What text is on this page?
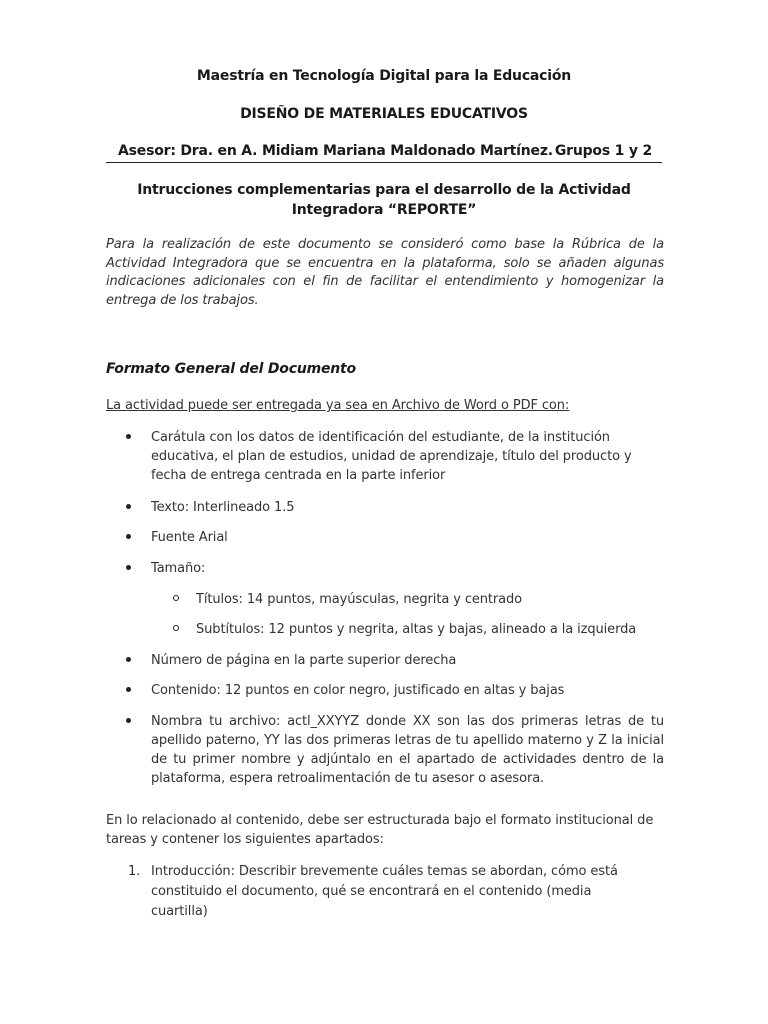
Maestría en Tecnología Digital para la Educación
DISEÑO DE MATERIALES EDUCATIVOS
Asesor: Dra. en A. Midiam Mariana Maldonado Martínez. Grupos 1 y 2
Intrucciones complementarias para el desarrollo de la Actividad Integradora “REPORTE”
Para la realización de este documento se consideró como base la Rúbrica de la Actividad Integradora que se encuentra en la plataforma, solo se añaden algunas indicaciones adicionales con el fin de facilitar el entendimiento y homogenizar la entrega de los trabajos.
Formato General del Documento
La actividad puede ser entregada ya sea en Archivo de Word o PDF con:
Carátula con los datos de identificación del estudiante, de la institución educativa, el plan de estudios, unidad de aprendizaje, título del producto y fecha de entrega centrada en la parte inferior
Texto: Interlineado 1.5
Fuente Arial
Tamaño:
Títulos: 14 puntos, mayúsculas, negrita y centrado
Subtítulos: 12 puntos y negrita, altas y bajas, alineado a la izquierda
Número de página en la parte superior derecha
Contenido: 12 puntos en color negro, justificado en altas y bajas
Nombra tu archivo: actl_XXYYZ donde XX son las dos primeras letras de tu apellido paterno, YY las dos primeras letras de tu apellido materno y Z la inicial de tu primer nombre y adjúntalo en el apartado de actividades dentro de la plataforma, espera retroalimentación de tu asesor o asesora.
En lo relacionado al contenido, debe ser estructurada bajo el formato institucional de tareas y contener los siguientes apartados:
1. Introducción: Describir brevemente cuáles temas se abordan, cómo está constituido el documento, qué se encontrará en el contenido (media cuartilla)
